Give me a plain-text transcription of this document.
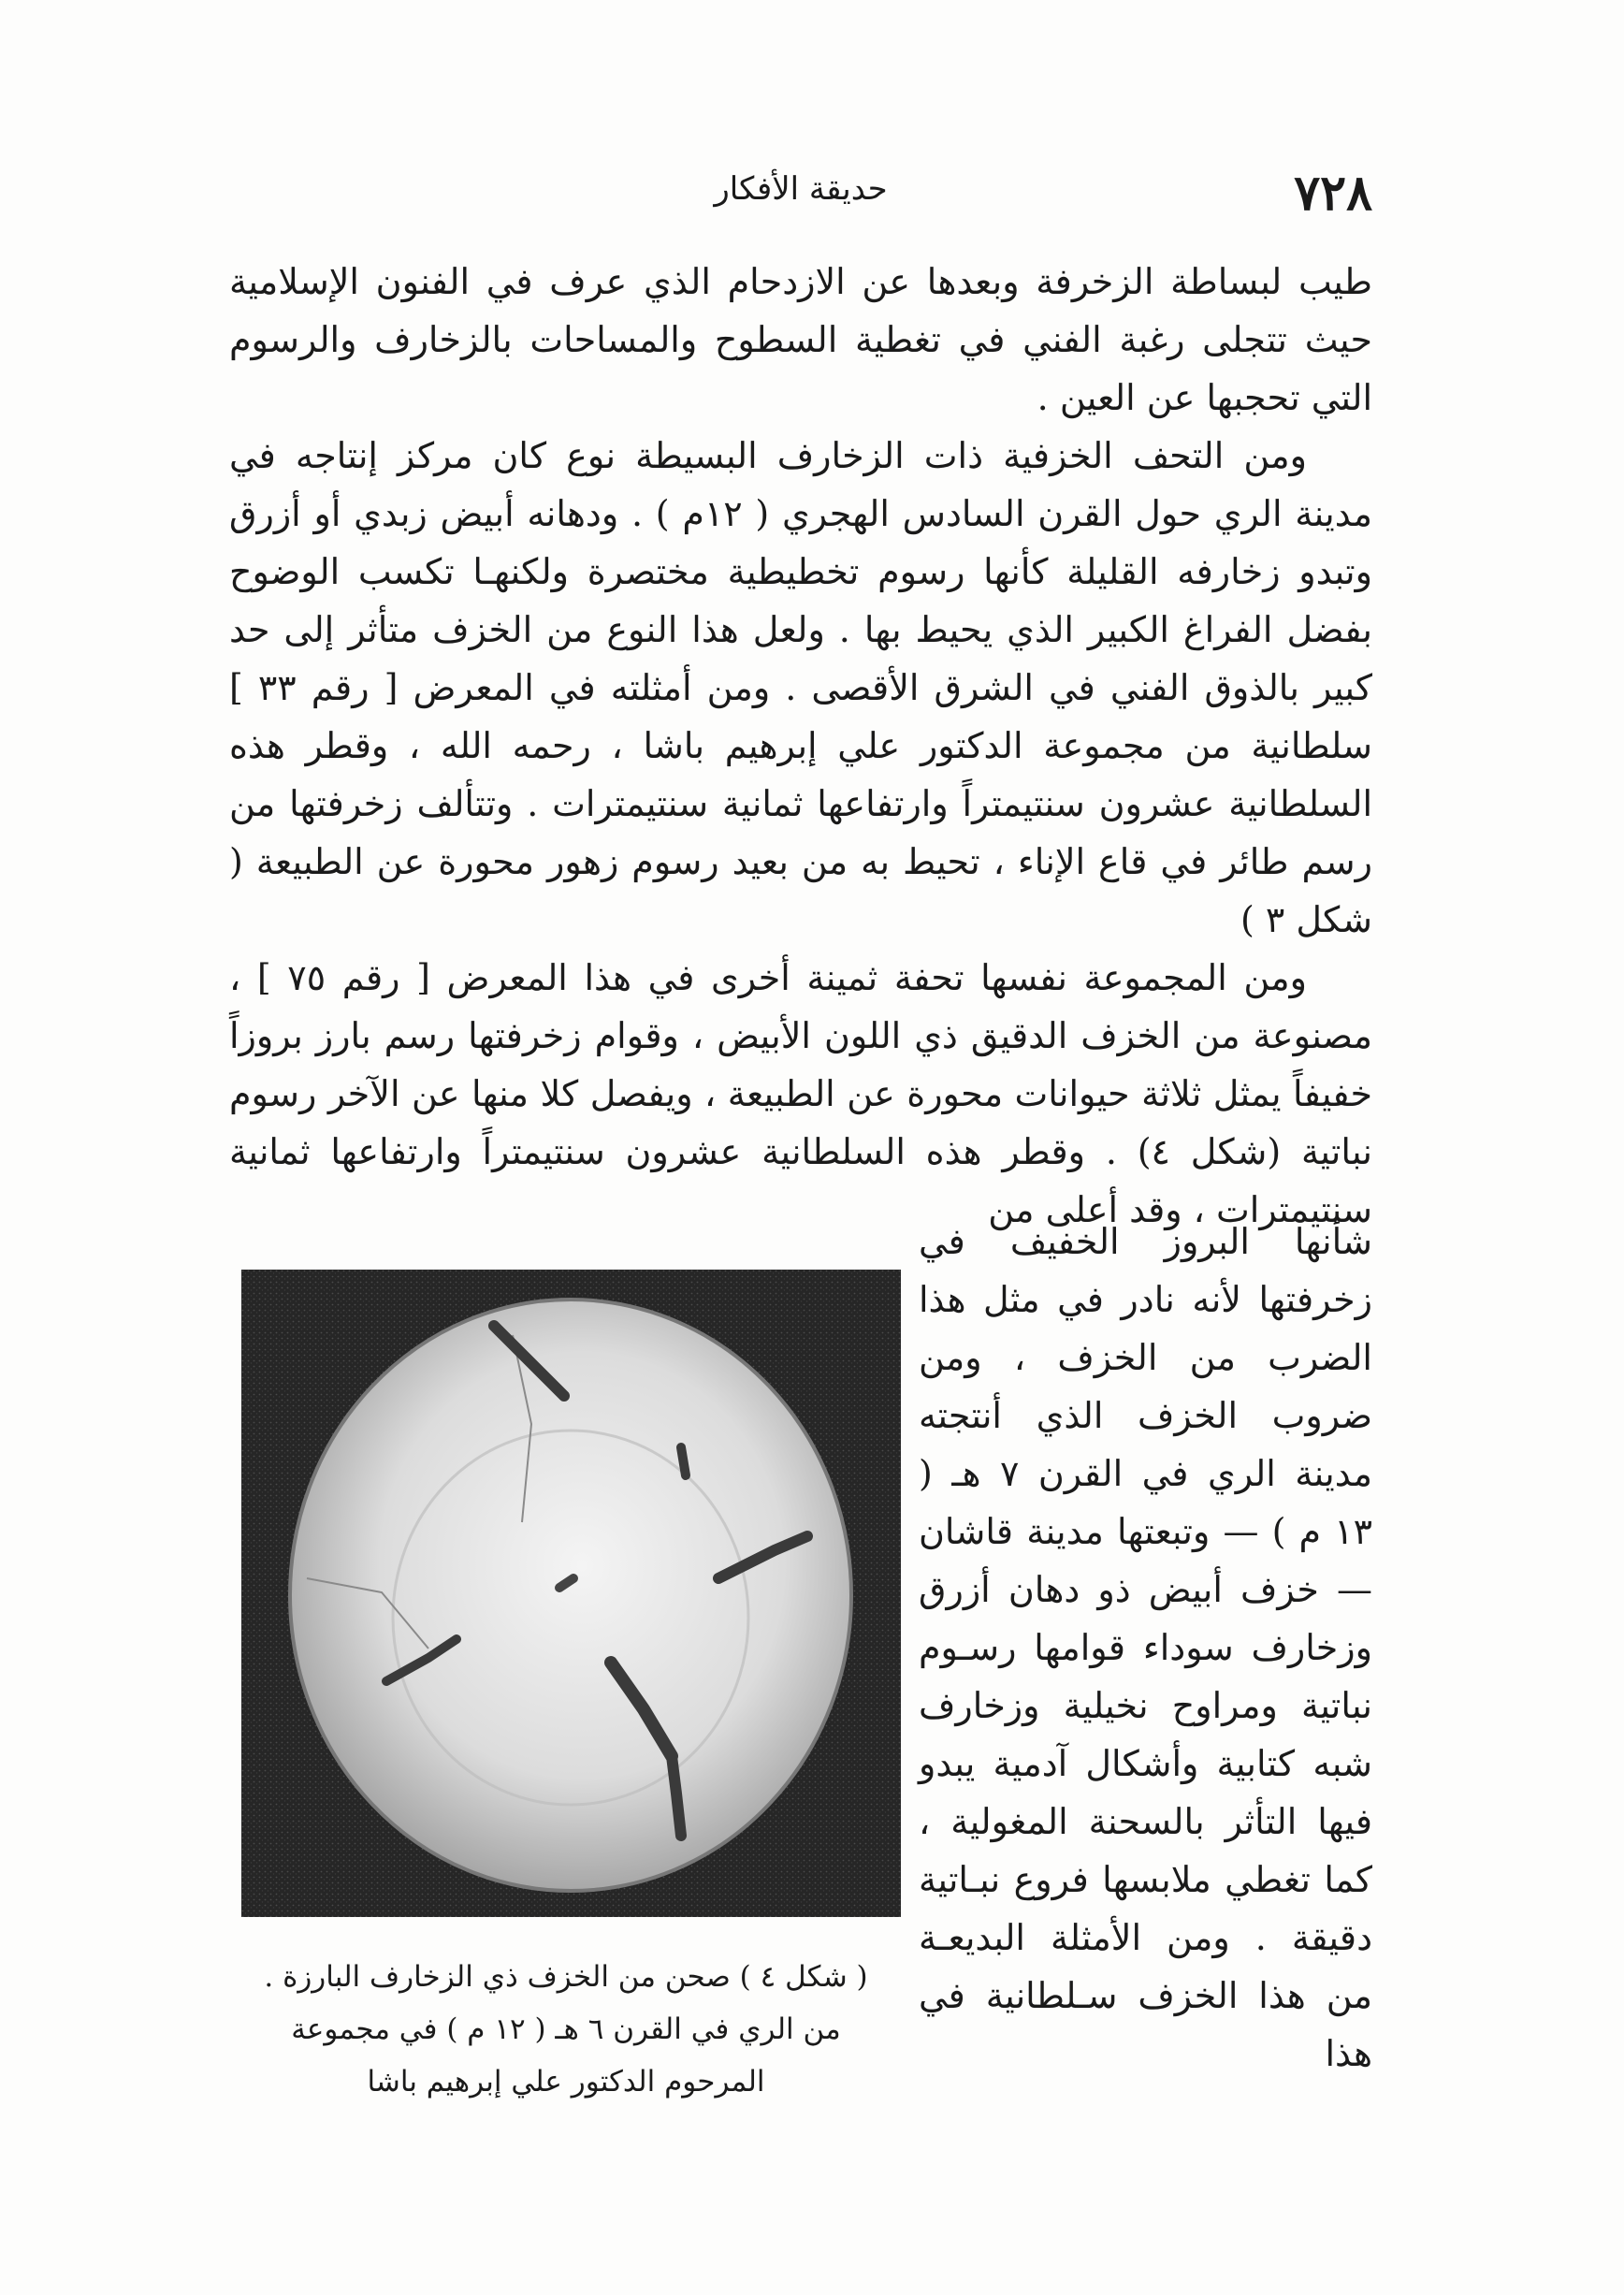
٧٢٨
حديقة الأفكار

طيب لبساطة الزخرفة وبعدها عن الازدحام الذي عرف في الفنون الإسلامية حيث تتجلى رغبة الفني في تغطية السطوح والمساحات بالزخارف والرسوم التي تحجبها عن العين .

ومن التحف الخزفية ذات الزخارف البسيطة نوع كان مركز إنتاجه في مدينة الري حول القرن السادس الهجري ( ١٢م ) . ودهانه أبيض زبدي أو أزرق وتبدو زخارفه القليلة كأنها رسوم تخطيطية مختصرة ولكنهـا تكسب الوضوح بفضل الفراغ الكبير الذي يحيط بها . ولعل هذا النوع من الخزف متأثر إلى حد كبير بالذوق الفني في الشرق الأقصى . ومن أمثلته في المعرض [ رقم ٣٣ ] سلطانية من مجموعة الدكتور علي إبرهيم باشا ، رحمه الله ، وقطر هذه السلطانية عشرون سنتيمتراً وارتفاعها ثمانية سنتيمترات . وتتألف زخرفتها من رسم طائر في قاع الإناء ، تحيط به من بعيد رسوم زهور محورة عن الطبيعة ( شكل ٣ )

ومن المجموعة نفسها تحفة ثمينة أخرى في هذا المعرض [ رقم ٧٥ ] ، مصنوعة من الخزف الدقيق ذي اللون الأبيض ، وقوام زخرفتها رسم بارز بروزاً خفيفاً يمثل ثلاثة حيوانات محورة عن الطبيعة ، ويفصل كلا منها عن الآخر رسوم نباتية (شكل ٤) . وقطر هذه السلطانية عشرون سنتيمتراً وارتفاعها ثمانية سنتيمترات ، وقد أعلى من

شأنها البروز الخفيف في زخرفتها لأنه نادر في مثل هذا الضرب من الخزف ، ومن ضروب الخزف الذي أنتجته مدينة الري في القرن ٧ هـ ( ١٣ م ) — وتبعتها مدينة قاشان — خزف أبيض ذو دهان أزرق وزخارف سوداء قوامها رسـوم نباتية ومراوح نخيلية وزخارف شبه كتابية وأشكال آدمية يبدو فيها التأثر بالسحنة المغولية ، كما تغطي ملابسها فروع نبـاتية دقيقة . ومن الأمثلة البديعـة من هذا الخزف سـلطانية في هذا

( شكل ٤ ) صحن من الخزف ذي الزخارف البارزة .

من الري في القرن ٦ هـ ( ١٢ م ) في مجموعة

المرحوم الدكتور علي إبرهيم باشا
